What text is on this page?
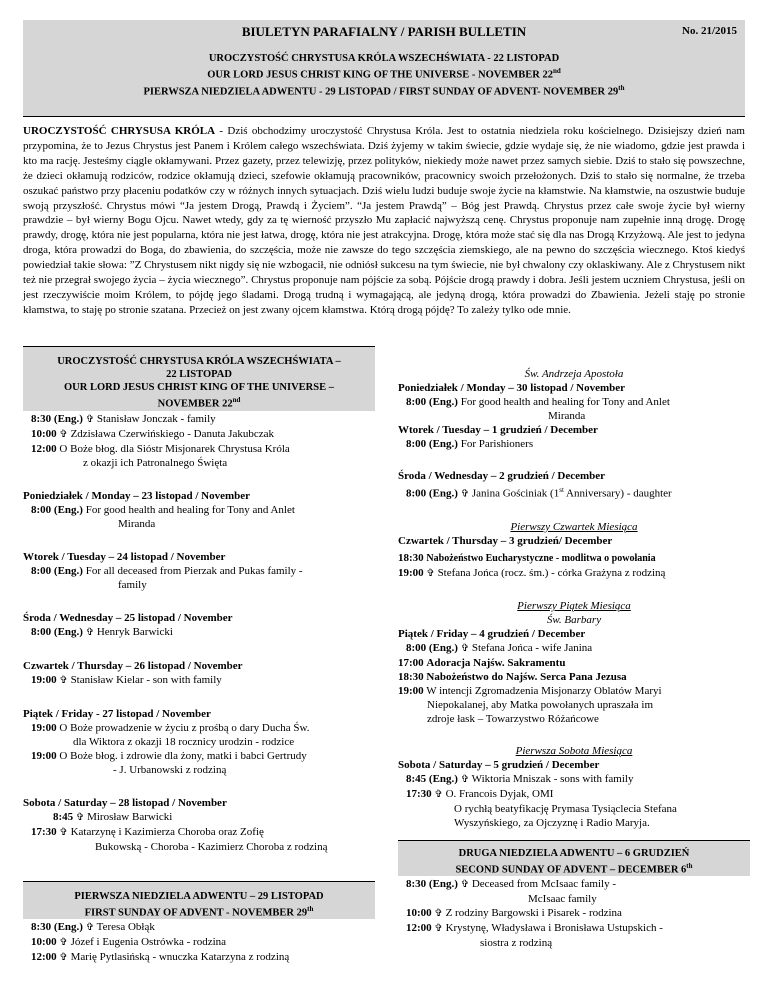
BIULETYN PARAFIALNY / PARISH BULLETIN	No. 21/2015
UROCZYSTOŚĆ CHRYSTUSA KRÓLA WSZECHŚWIATA - 22 LISTOPAD
OUR LORD JESUS CHRIST KING OF THE UNIVERSE - NOVEMBER 22nd
PIERWSZA NIEDZIELA ADWENTU - 29 LISTOPAD / FIRST SUNDAY OF ADVENT- NOVEMBER 29th
UROCZYSTOŚĆ CHRYSUSA KRÓLA - Dziś obchodzimy uroczystość Chrystusa Króla. Jest to ostatnia niedziela roku kościelnego. Dzisiejszy dzień nam przypomina, że to Jezus Chrystus jest Panem i Królem całego wszechświata. Dziś żyjemy w takim świecie, gdzie wydaje się, że nie wiadomo, gdzie jest prawda i kto ma rację. Jesteśmy ciągle okłamywani. Przez gazety, przez telewizję, przez polityków, niekiedy może nawet przez samych siebie. Dziś to stało się powszechne, że dzieci okłamują rodziców, rodzice okłamują dzieci, szefowie okłamują pracowników, pracownicy swoich przełożonych. Dziś to stało się normalne, że trzeba oszukać państwo przy płaceniu podatków czy w różnych innych sytuacjach. Dziś wielu ludzi buduje swoje życie na kłamstwie. Na kłamstwie, na oszustwie buduje swoją przyszłość. Chrystus mówi “Ja jestem Drogą, Prawdą i Życiem”. “Ja jestem Prawdą” – Bóg jest Prawdą. Chrystus przez całe swoje życie był wierny prawdzie – był wierny Bogu Ojcu. Nawet wtedy, gdy za tę wierność przyszło Mu zapłacić najwyższą cenę. Chrystus proponuje nam zupełnie inną drogę. Drogę prawdy, drogę, która nie jest popularna, która nie jest łatwa, drogę, która nie jest atrakcyjna. Drogę, która może stać się dla nas Drogą Krzyżową. Ale jest to jedyna droga, która prowadzi do Boga, do zbawienia, do szczęścia, może nie zawsze do tego szczęścia ziemskiego, ale na pewno do szczęścia wiecznego. Ktoś kiedyś powiedział takie słowa: ”Z Chrystusem nikt nigdy się nie wzbogacił, nie odniósł sukcesu na tym świecie, nie był chwalony czy oklaskiwany. Ale z Chrystusem nikt też nie przegrał swojego życia – życia wiecznego”. Chrystus proponuje nam pójście za sobą. Pójście drogą prawdy i dobra. Jeśli jestem uczniem Chrystusa, jeśli on jest rzeczywiście moim Królem, to pójdę jego śladami. Drogą trudną i wymagającą, ale jedyną drogą, która prowadzi do Zbawienia. Jeżeli staję po stronie kłamstwa, to staję po stronie szatana. Przecież on jest zwany ojcem kłamstwa. Którą drogą pójdę? To zależy tylko ode mnie.
UROCZYSTOŚĆ CHRYSTUSA KRÓLA WSZECHŚWIATA –
22 LISTOPAD
OUR LORD JESUS CHRIST KING OF THE UNIVERSE –
NOVEMBER 22nd
8:30 (Eng.) ✞ Stanisław Jonczak - family
10:00 ✞ Zdzisława Czerwińskiego - Danuta Jakubczak
12:00 O Boże błog. dla Sióstr Misjonarek Chrystusa Króla
z okazji ich Patronalnego Święta
Poniedziałek / Monday – 23 listopad / November
8:00 (Eng.) For good health and healing for Tony and Anlet
Miranda
Wtorek / Tuesday – 24 listopad / November
8:00 (Eng.) For all deceased from Pierzak and Pukas family -
family
Środa / Wednesday – 25 listopad / November
8:00 (Eng.) ✞ Henryk Barwicki
Czwartek / Thursday – 26 listopad / November
19:00 ✞ Stanisław Kielar - son with family
Piątek / Friday - 27 listopad / November
19:00 O Boże prowadzenie w życiu z prośbą o dary Ducha Św.
dla Wiktora z okazji 18 rocznicy urodzin - rodzice
19:00 O Boże błog. i zdrowie dla żony, matki i babci Gertrudy
- J. Urbanowski z rodziną
Sobota / Saturday – 28 listopad / November
8:45 ✞ Mirosław Barwicki
17:30 ✞ Katarzynę i Kazimierza Choroba oraz Zofię
Bukowską - Choroba - Kazimierz Choroba z rodziną
PIERWSZA NIEDZIELA ADWENTU – 29 LISTOPAD
FIRST SUNDAY OF ADVENT - NOVEMBER 29th
8:30 (Eng.) ✞ Teresa Obłąk
10:00 ✞ Józef i Eugenia Ostrówka - rodzina
12:00 ✞ Marię Pytlasińską - wnuczka Katarzyna z rodziną
Św. Andrzeja Apostoła
Poniedziałek / Monday – 30 listopad / November
8:00 (Eng.) For good health and healing for Tony and Anlet
Miranda
Wtorek / Tuesday – 1 grudzień / December
8:00 (Eng.) For Parishioners
Środa / Wednesday – 2 grudzień / December
8:00 (Eng.) ✞ Janina Gościniak (1st Anniversary) - daughter
Pierwszy Czwartek Miesiąca
Czwartek / Thursday – 3 grudzień/ December
18:30 Nabożeństwo Eucharystyczne - modlitwa o powołania
19:00 ✞ Stefana Jońca (rocz. śm.) - córka Grażyna z rodziną
Pierwszy Piątek Miesiąca
Św. Barbary
Piątek / Friday – 4 grudzień / December
8:00 (Eng.) ✞ Stefana Jońca - wife Janina
17:00 Adoracja Najśw. Sakramentu
18:30 Nabożeństwo do Najśw. Serca Pana Jezusa
19:00 W intencji Zgromadzenia Misjonarzy Oblatów Maryi
Niepokalanej, aby Matka powołanych upraszała im
zdroje łask – Towarzystwo Różańcowe
Pierwsza Sobota Miesiąca
Sobota / Saturday – 5 grudzień / December
8:45 (Eng.) ✞ Wiktoria Mniszak - sons with family
17:30 ✞ O. Francois Dyjak, OMI
O rychłą beatyfikację Prymasa Tysiąclecia Stefana
Wyszyńskiego, za Ojczyznę i Radio Maryja.
DRUGA NIEDZIELA ADWENTU – 6 GRUDZIEŃ
SECOND SUNDAY OF ADVENT – DECEMBER 6th
8:30 (Eng.) ✞ Deceased from McIsaac family -
McIsaac family
10:00 ✞ Z rodziny Bargowski i Pisarek - rodzina
12:00 ✞ Krystynę, Władysława i Bronisława Ustupskich -
siostra z rodziną
